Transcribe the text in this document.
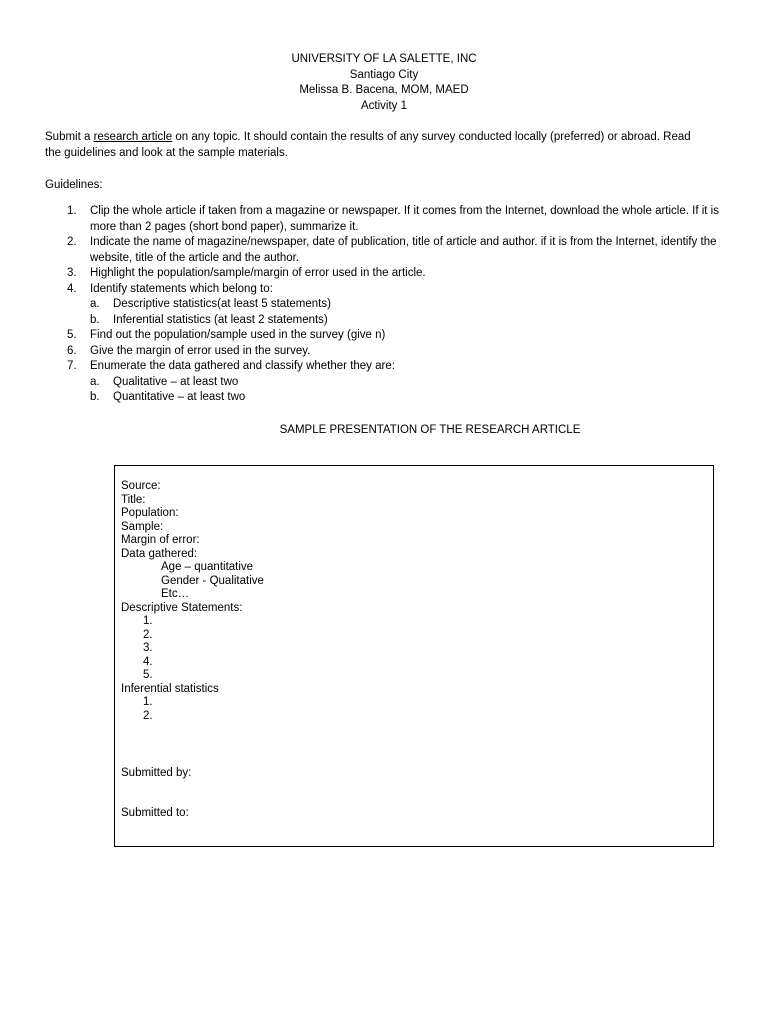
UNIVERSITY OF LA SALETTE, INC
Santiago City
Melissa B. Bacena, MOM, MAED
Activity 1
Submit a research article on any topic. It should contain the results of any survey conducted locally (preferred) or abroad. Read the guidelines and look at the sample materials.
Guidelines:
1. Clip the whole article if taken from a magazine or newspaper. If it comes from the Internet, download the whole article. If it is more than 2 pages (short bond paper), summarize it.
2. Indicate the name of magazine/newspaper, date of publication, title of article and author. if it is from the Internet, identify the website, title of the article and the author.
3. Highlight the population/sample/margin of error used in the article.
4. Identify statements which belong to:
a. Descriptive statistics(at least 5 statements)
b. Inferential statistics (at least 2 statements)
5. Find out the population/sample used in the survey (give n)
6. Give the margin of error used in the survey.
7. Enumerate the data gathered and classify whether they are:
a. Qualitative – at least two
b. Quantitative – at least two
SAMPLE PRESENTATION OF THE RESEARCH ARTICLE
Source:
Title:
Population:
Sample:
Margin of error:
Data gathered:
Age – quantitative
Gender - Qualitative
Etc…
Descriptive Statements:
1.
2.
3.
4.
5.
Inferential statistics
1.
2.
Submitted by:
Submitted to:
